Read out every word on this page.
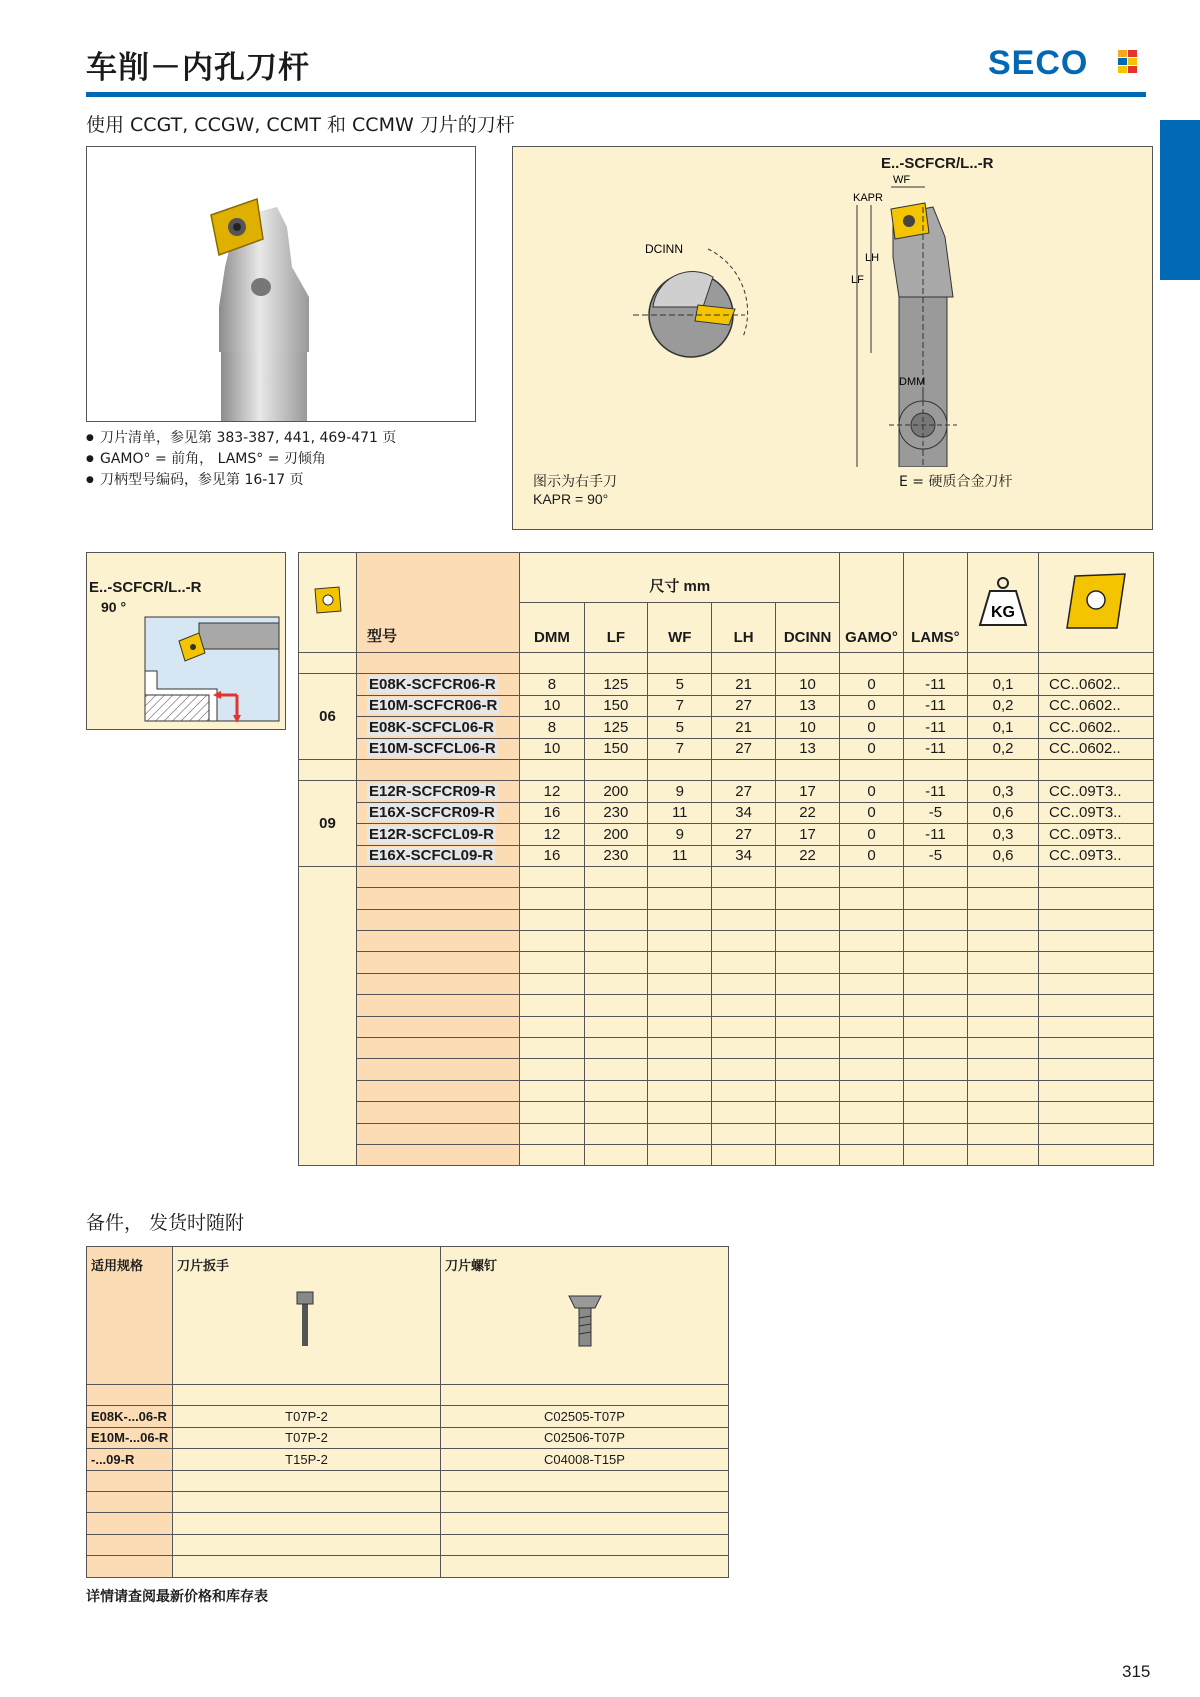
车削－内孔刀杆	SECO
使用 CCGT, CCGW, CCMT 和 CCMW 刀片的刀杆
● 刀片清单，参见第 383-387, 441, 469-471 页
● GAMO° = 前角， LAMS° = 刃倾角
● 刀柄型号编码，参见第 16-17 页
E..-SCFCR/L..-R
DCINN
WF
KAPR
LH
LF
DMM
图示为右手刀
KAPR = 90°
E = 硬质合金刀杆
E..-SCFCR/L..-R
90 °
	型号	尺寸 mm					GAMO°	LAMS°	KG

		DMM	LF	WF	LH	DCINN				

06	E08K-SCFCR06-R	8	125	5	21	10	0	-11	0,1	CC..0602..
	E10M-SCFCR06-R	10	150	7	27	13	0	-11	0,2	CC..0602..
	E08K-SCFCL06-R	8	125	5	21	10	0	-11	0,1	CC..0602..
	E10M-SCFCL06-R	10	150	7	27	13	0	-11	0,2	CC..0602..

09	E12R-SCFCR09-R	12	200	9	27	17	0	-11	0,3	CC..09T3..
	E16X-SCFCR09-R	16	230	11	34	22	0	-5	0,6	CC..09T3..
	E12R-SCFCL09-R	12	200	9	27	17	0	-11	0,3	CC..09T3..
	E16X-SCFCL09-R	16	230	11	34	22	0	-5	0,6	CC..09T3..

备件， 发货时随附
适用规格	刀片扳手	刀片螺钉

E08K-...06-R	T07P-2	C02505-T07P
E10M-...06-R	T07P-2	C02506-T07P
-...09-R	T15P-2	C04008-T15P

详情请查阅最新价格和库存表
315
